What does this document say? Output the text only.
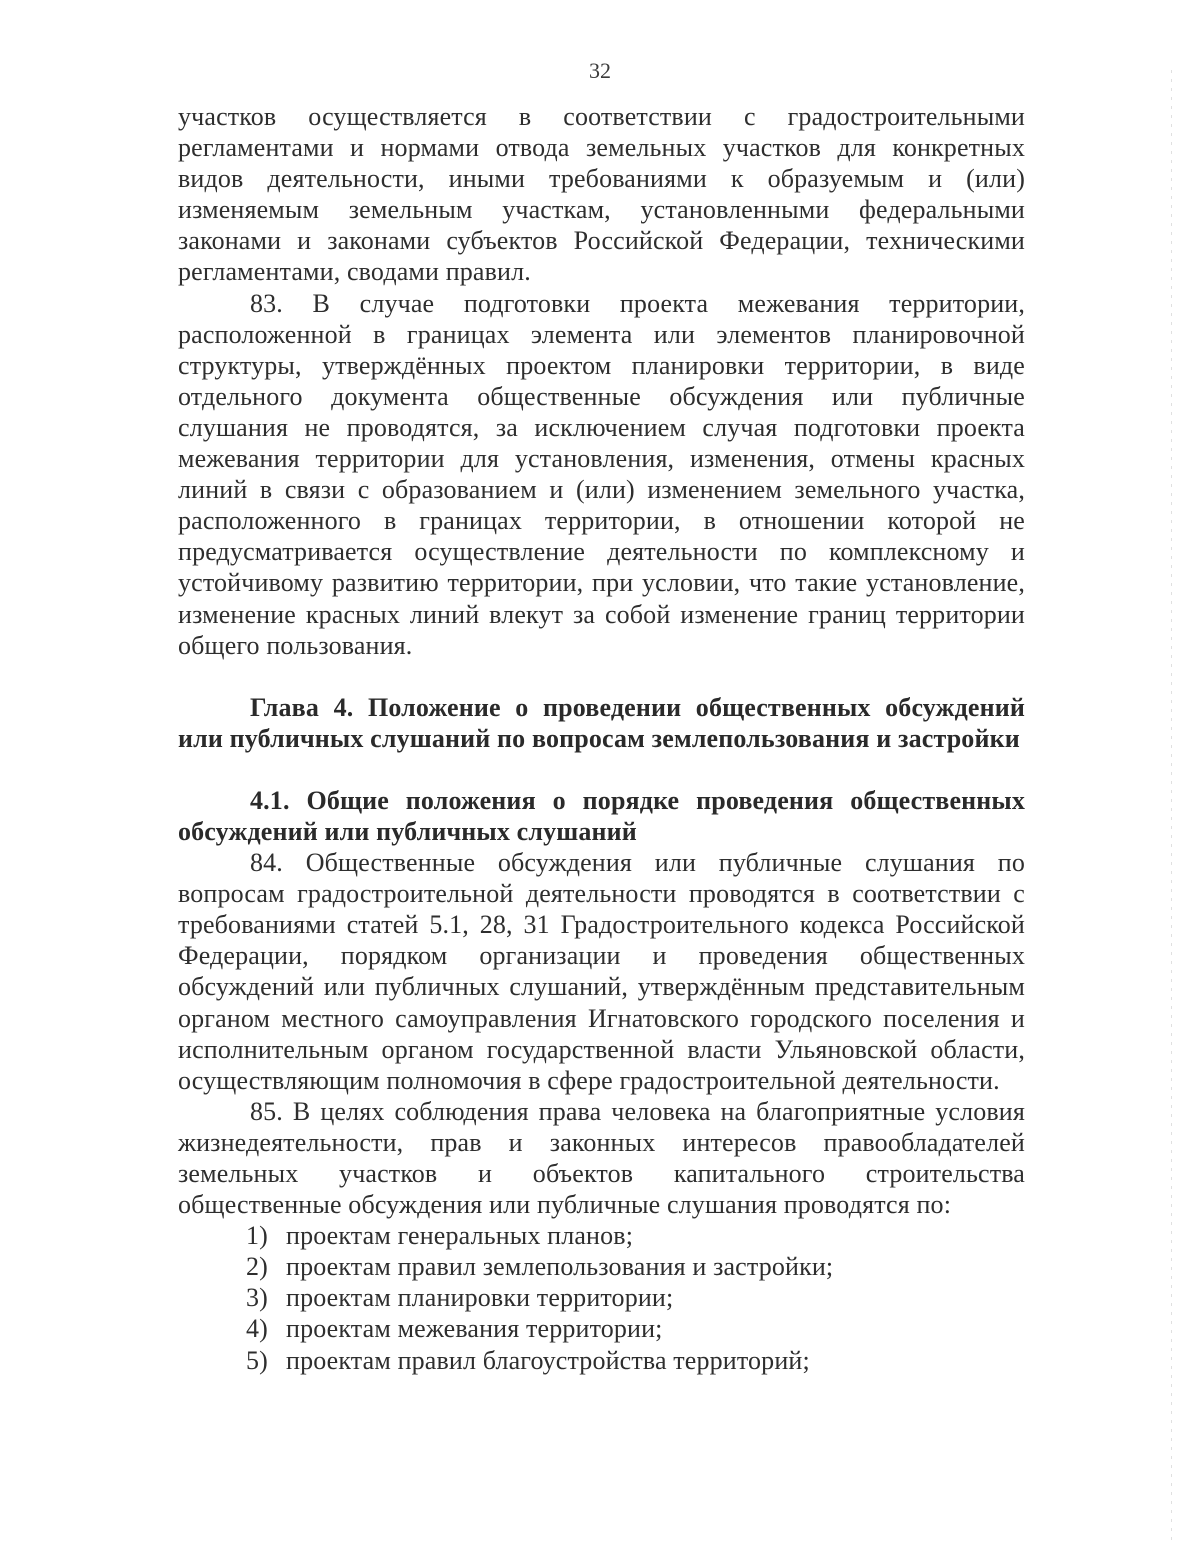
32

участков осуществляется в соответствии с градостроительными регламентами и нормами отвода земельных участков для конкретных видов деятельности, иными требованиями к образуемым и (или) изменяемым земельным участкам, установленными федеральными законами и законами субъектов Российской Федерации, техническими регламентами, сводами правил.

83. В случае подготовки проекта межевания территории, расположенной в границах элемента или элементов планировочной структуры, утверждённых проектом планировки территории, в виде отдельного документа общественные обсуждения или публичные слушания не проводятся, за исключением случая подготовки проекта межевания территории для установления, изменения, отмены красных линий в связи с образованием и (или) изменением земельного участка, расположенного в границах территории, в отношении которой не предусматривается осуществление деятельности по комплексному и устойчивому развитию территории, при условии, что такие установление, изменение красных линий влекут за собой изменение границ территории общего пользования.

Глава 4. Положение о проведении общественных обсуждений или публичных слушаний по вопросам землепользования и застройки

4.1. Общие положения о порядке проведения общественных обсуждений или публичных слушаний

84. Общественные обсуждения или публичные слушания по вопросам градостроительной деятельности проводятся в соответствии с требованиями статей 5.1, 28, 31 Градостроительного кодекса Российской Федерации, порядком организации и проведения общественных обсуждений или публичных слушаний, утверждённым представительным органом местного самоуправления Игнатовского городского поселения и исполнительным органом государственной власти Ульяновской области, осуществляющим полномочия в сфере градостроительной деятельности.

85. В целях соблюдения права человека на благоприятные условия жизнедеятельности, прав и законных интересов правообладателей земельных участков и объектов капитального строительства общественные обсуждения или публичные слушания проводятся по:

1) проектам генеральных планов;
2) проектам правил землепользования и застройки;
3) проектам планировки территории;
4) проектам межевания территории;
5) проектам правил благоустройства территорий;
